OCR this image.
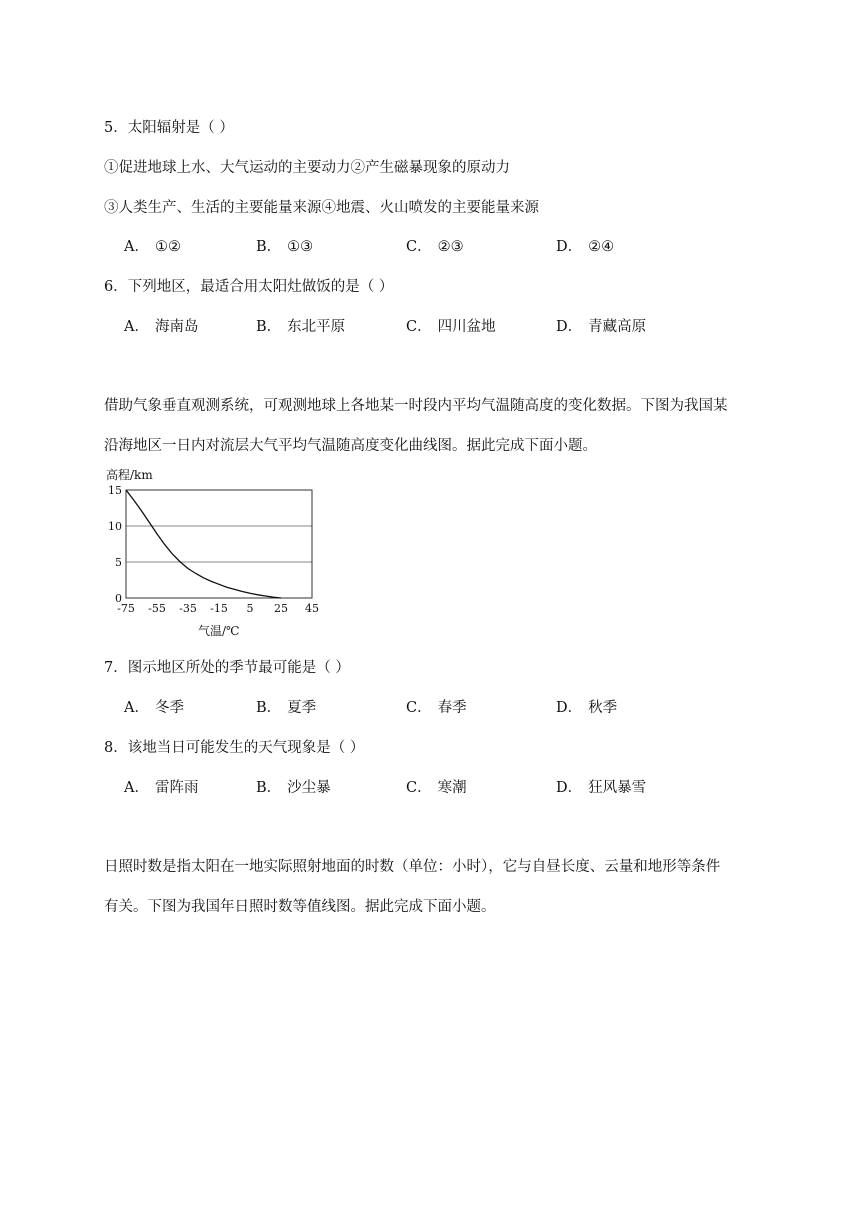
5．太阳辐射是（ ）
①促进地球上水、大气运动的主要动力②产生磁暴现象的原动力
③人类生产、生活的主要能量来源④地震、火山喷发的主要能量来源
A． ①②	B． ①③	C． ②③	D． ②④
6．下列地区，最适合用太阳灶做饭的是（ ）
A． 海南岛	B． 东北平原	C． 四川盆地	D． 青藏高原
借助气象垂直观测系统，可观测地球上各地某一时段内平均气温随高度的变化数据。下图为我国某
沿海地区一日内对流层大气平均气温随高度变化曲线图。据此完成下面小题。
高程/km
15
10
5
0
-75 -55 -35 -15 5 25 45
气温/℃
7．图示地区所处的季节最可能是（ ）
A． 冬季	B． 夏季	C． 春季	D． 秋季
8．该地当日可能发生的天气现象是（ ）
A． 雷阵雨	B． 沙尘暴	C． 寒潮	D． 狂风暴雪
日照时数是指太阳在一地实际照射地面的时数（单位：小时），它与自昼长度、云量和地形等条件
有关。下图为我国年日照时数等值线图。据此完成下面小题。
